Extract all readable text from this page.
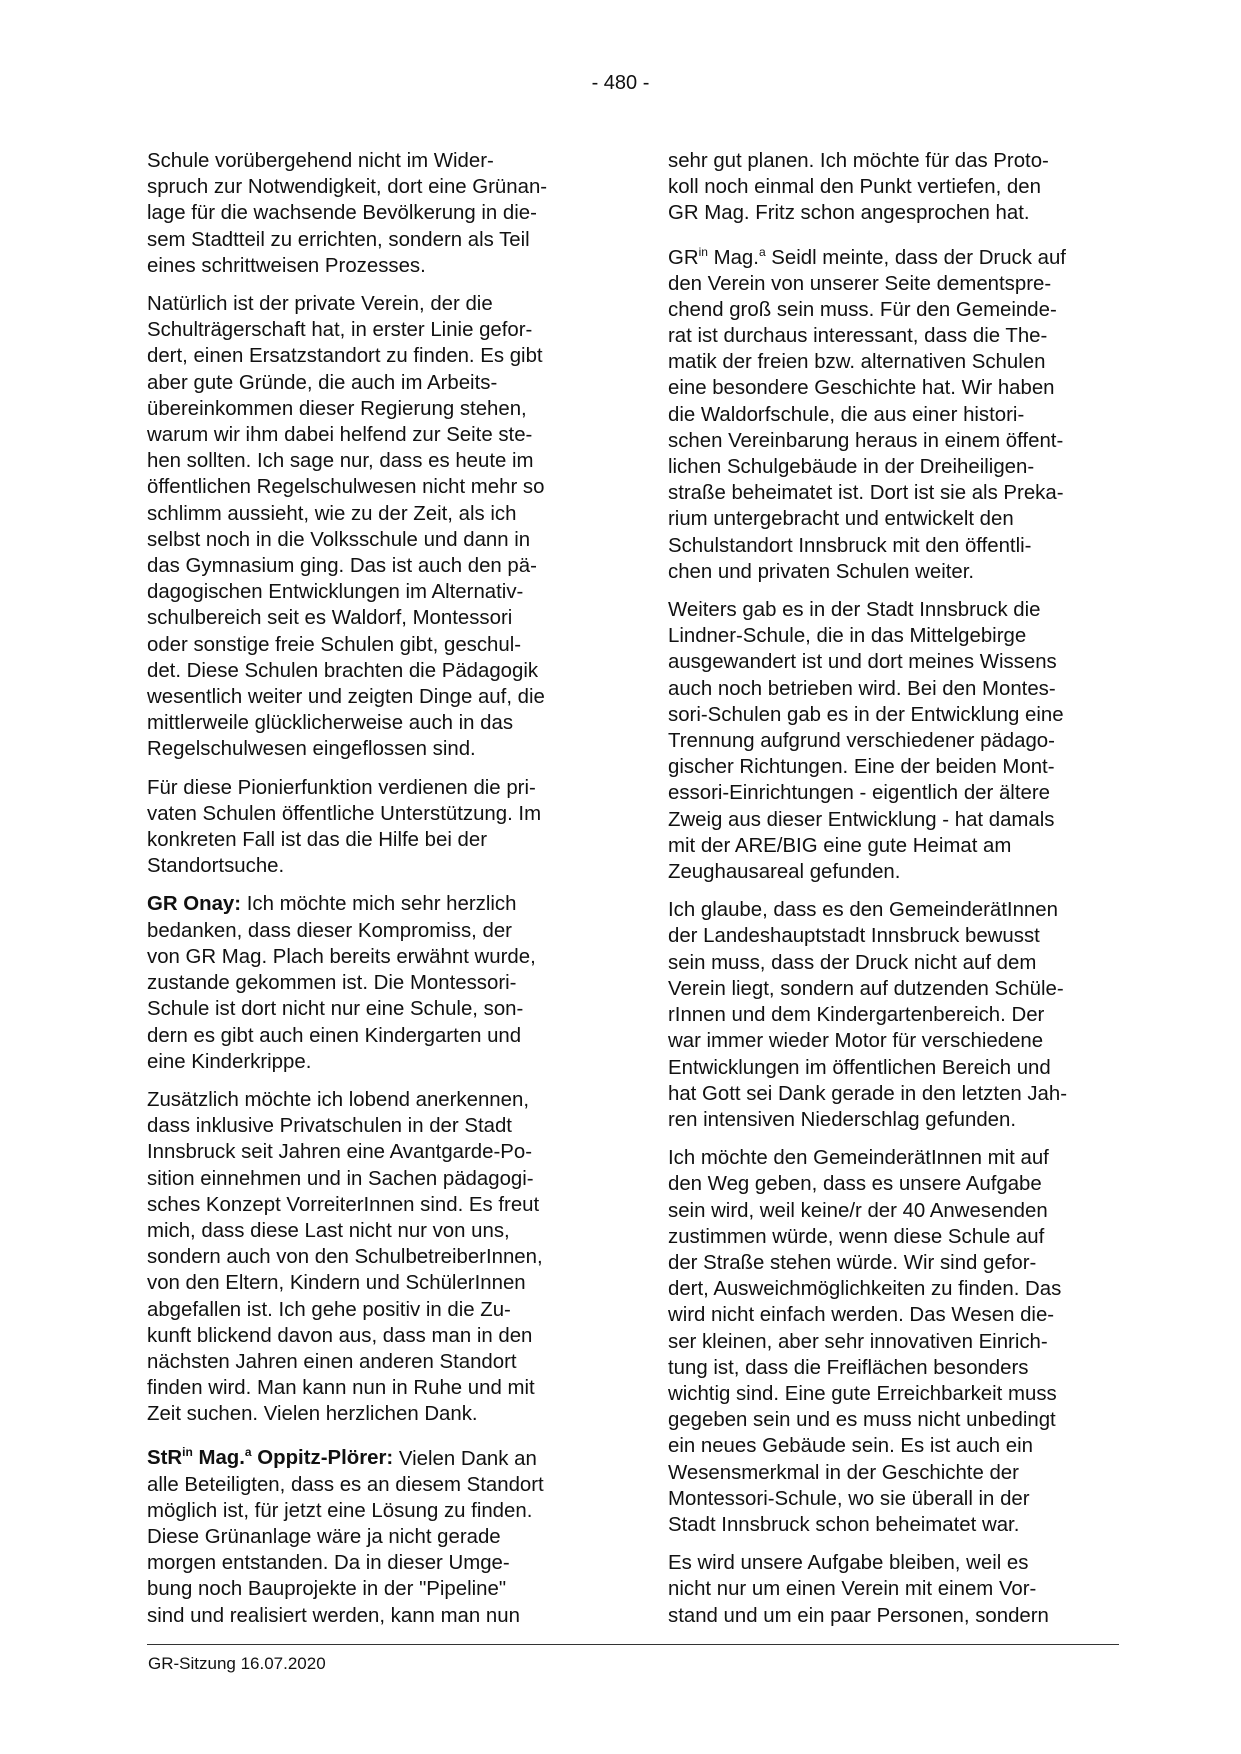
- 480 -

Schule vorübergehend nicht im Wider-
spruch zur Notwendigkeit, dort eine Grünan-
lage für die wachsende Bevölkerung in die-
sem Stadtteil zu errichten, sondern als Teil
eines schrittweisen Prozesses.

Natürlich ist der private Verein, der die
Schulträgerschaft hat, in erster Linie gefor-
dert, einen Ersatzstandort zu finden. Es gibt
aber gute Gründe, die auch im Arbeits-
übereinkommen dieser Regierung stehen,
warum wir ihm dabei helfend zur Seite ste-
hen sollten. Ich sage nur, dass es heute im
öffentlichen Regelschulwesen nicht mehr so
schlimm aussieht, wie zu der Zeit, als ich
selbst noch in die Volksschule und dann in
das Gymnasium ging. Das ist auch den pä-
dagogischen Entwicklungen im Alternativ-
schulbereich seit es Waldorf, Montessori
oder sonstige freie Schulen gibt, geschul-
det. Diese Schulen brachten die Pädagogik
wesentlich weiter und zeigten Dinge auf, die
mittlerweile glücklicherweise auch in das
Regelschulwesen eingeflossen sind.

Für diese Pionierfunktion verdienen die pri-
vaten Schulen öffentliche Unterstützung. Im
konkreten Fall ist das die Hilfe bei der
Standortsuche.

GR Onay: Ich möchte mich sehr herzlich
bedanken, dass dieser Kompromiss, der
von GR Mag. Plach bereits erwähnt wurde,
zustande gekommen ist. Die Montessori-
Schule ist dort nicht nur eine Schule, son-
dern es gibt auch einen Kindergarten und
eine Kinderkrippe.

Zusätzlich möchte ich lobend anerkennen,
dass inklusive Privatschulen in der Stadt
Innsbruck seit Jahren eine Avantgarde-Po-
sition einnehmen und in Sachen pädagogi-
sches Konzept VorreiterInnen sind. Es freut
mich, dass diese Last nicht nur von uns,
sondern auch von den SchulbetreiberInnen,
von den Eltern, Kindern und SchülerInnen
abgefallen ist. Ich gehe positiv in die Zu-
kunft blickend davon aus, dass man in den
nächsten Jahren einen anderen Standort
finden wird. Man kann nun in Ruhe und mit
Zeit suchen. Vielen herzlichen Dank.

StR$^{in}$ Mag.$^a$ Oppitz-Plörer: Vielen Dank an
alle Beteiligten, dass es an diesem Standort
möglich ist, für jetzt eine Lösung zu finden.
Diese Grünanlage wäre ja nicht gerade
morgen entstanden. Da in dieser Umge-
bung noch Bauprojekte in der "Pipeline"
sind und realisiert werden, kann man nun

sehr gut planen. Ich möchte für das Proto-
koll noch einmal den Punkt vertiefen, den
GR Mag. Fritz schon angesprochen hat.

$GR^{in}$ Mag.$^a$ Seidl meinte, dass der Druck auf
den Verein von unserer Seite dementspre-
chend groß sein muss. Für den Gemeinde-
rat ist durchaus interessant, dass die The-
matik der freien bzw. alternativen Schulen
eine besondere Geschichte hat. Wir haben
die Waldorfschule, die aus einer histori-
schen Vereinbarung heraus in einem öffent-
lichen Schulgebäude in der Dreiheiligen-
straße beheimatet ist. Dort ist sie als Preka-
rium untergebracht und entwickelt den
Schulstandort Innsbruck mit den öffentli-
chen und privaten Schulen weiter.

Weiters gab es in der Stadt Innsbruck die
Lindner-Schule, die in das Mittelgebirge
ausgewandert ist und dort meines Wissens
auch noch betrieben wird. Bei den Montes-
sori-Schulen gab es in der Entwicklung eine
Trennung aufgrund verschiedener pädago-
gischer Richtungen. Eine der beiden Mont-
essori-Einrichtungen - eigentlich der ältere
Zweig aus dieser Entwicklung - hat damals
mit der ARE/BIG eine gute Heimat am
Zeughausareal gefunden.

Ich glaube, dass es den GemeinderätInnen
der Landeshauptstadt Innsbruck bewusst
sein muss, dass der Druck nicht auf dem
Verein liegt, sondern auf dutzenden Schüle-
rInnen und dem Kindergartenbereich. Der
war immer wieder Motor für verschiedene
Entwicklungen im öffentlichen Bereich und
hat Gott sei Dank gerade in den letzten Jah-
ren intensiven Niederschlag gefunden.

Ich möchte den GemeinderätInnen mit auf
den Weg geben, dass es unsere Aufgabe
sein wird, weil keine/r der 40 Anwesenden
zustimmen würde, wenn diese Schule auf
der Straße stehen würde. Wir sind gefor-
dert, Ausweichmöglichkeiten zu finden. Das
wird nicht einfach werden. Das Wesen die-
ser kleinen, aber sehr innovativen Einrich-
tung ist, dass die Freiflächen besonders
wichtig sind. Eine gute Erreichbarkeit muss
gegeben sein und es muss nicht unbedingt
ein neues Gebäude sein. Es ist auch ein
Wesensmerkmal in der Geschichte der
Montessori-Schule, wo sie überall in der
Stadt Innsbruck schon beheimatet war.

Es wird unsere Aufgabe bleiben, weil es
nicht nur um einen Verein mit einem Vor-
stand und um ein paar Personen, sondern

GR-Sitzung 16.07.2020
